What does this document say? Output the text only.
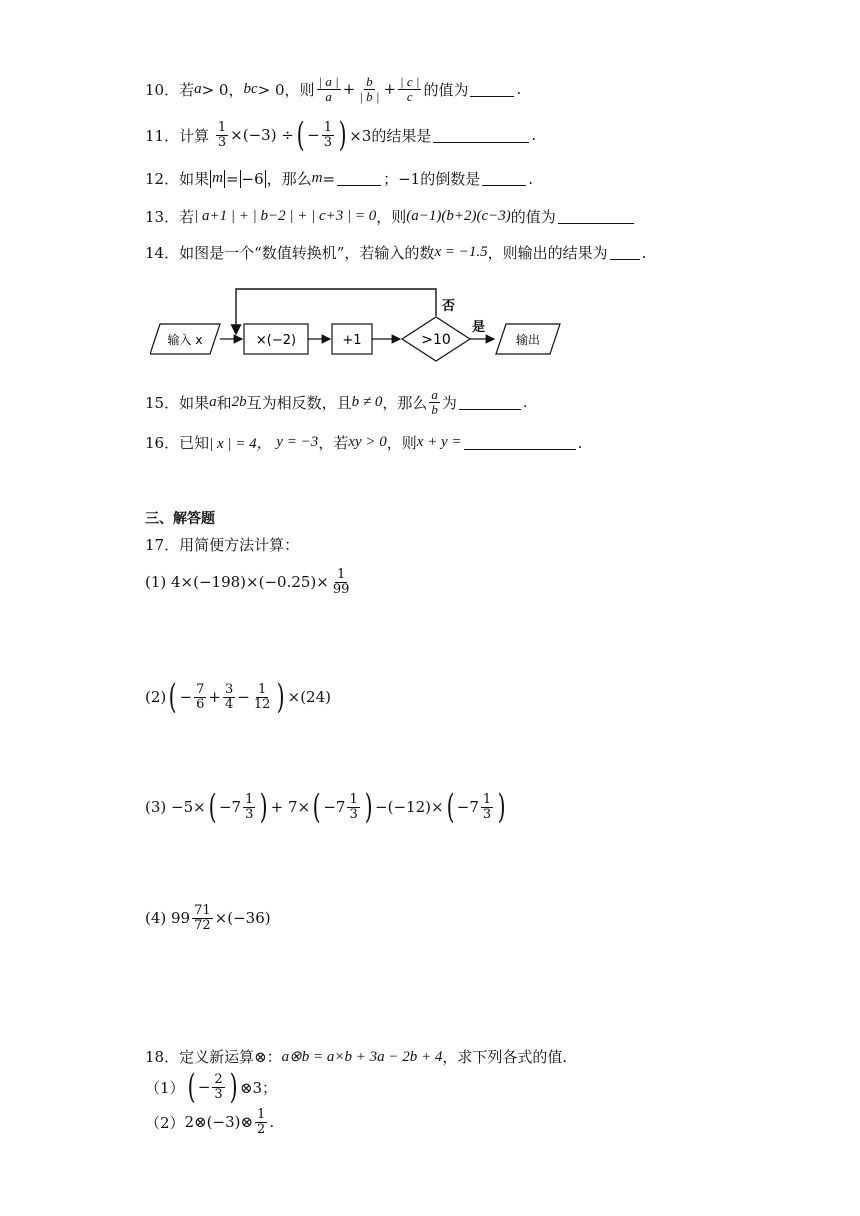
10．若 a > 0， bc > 0，则 $\frac{| a |}{a} + \frac{b}{| b |} + \frac{| c |}{c}$ 的值为	.
11．计算
$\frac{1}{3} \times(-3)$ ÷ ( − $\frac{1}{3}$ ) ×3的结果是	.
12．如果 m = −6 ，那么 m =	；−1的倒数是	.
13．若 | a+1 | + | b−2 | + | c+3 | = 0 ，则 (a−1)(b+2)(c−3) 的值为
14．如图是一个“数值转换机”，若输入的数 x = −1.5 ，则输出的结果为 .
输入 x	×(−2)	+1	>10
否
是
输出
15．如果 a 和 2b 互为相反数，且 b ≠ 0 ，那么 $\frac{a}{b}$ 为	.
16．已知 | x | = 4，
y = −3 ，若 xy > 0 ，则 x + y =	.
三、解答题
17．用简便方法计算：
(1) $4\times(-198)\times(-0.25)\times \frac{1}{99}$
(2) ( − $\frac{7}{6} + \frac{3}{4} - \frac{1}{12}$ ) ×(24)
(3) −5× ( $-7 \frac{1}{3}$ ) + 7× ( $-7 \frac{1}{3}$ ) −(−12)× ( $-7 \frac{1}{3}$ )
(4) $99 \frac{71}{72} \times(-36)$
18．定义新运算⊗： a⊗b = a×b + 3a − 2b + 4 ，求下列各式的值.
（1） ( − $\frac{2}{3}$ ) ⊗3；
（2） 2⊗(−3)⊗ $\frac{1}{2}$ .
